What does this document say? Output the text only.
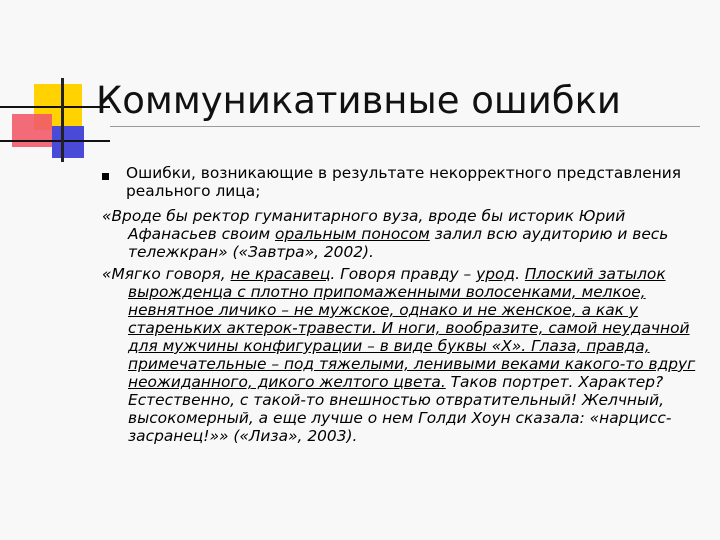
Коммуникативные ошибки
Ошибки, возникающие в результате некорректного представления реального лица;
«Вроде бы ректор гуманитарного вуза, вроде бы историк Юрий Афанасьев своим оральным поносом залил всю аудиторию и весь тележкран» («Завтра», 2002).
«Мягко говоря, не красавец. Говоря правду – урод. Плоский затылок вырожденца с плотно припомаженными волосенками, мелкое, невнятное личико – не мужское, однако и не женское, а как у стареньких актерок-травести. И ноги, вообразите, самой неудачной для мужчины конфигурации – в виде буквы «Х». Глаза, правда, примечательные – под тяжелыми, ленивыми веками какого-то вдруг неожиданного, дикого желтого цвета. Таков портрет. Характер? Естественно, с такой-то внешностью отвратительный! Желчный, высокомерный, а еще лучше о нем Голди Хоун сказала: «нарцисс-засранец!»» («Лиза», 2003).
